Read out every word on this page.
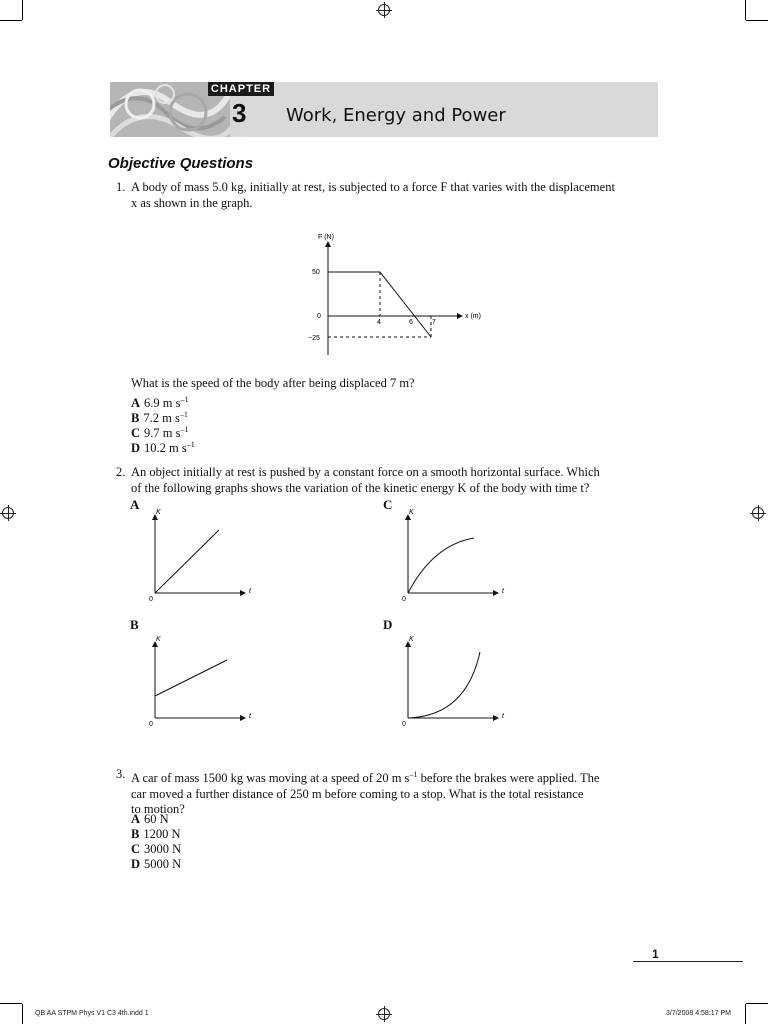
CHAPTER
3 Work, Energy and Power
Objective Questions
1. A body of mass 5.0 kg, initially at rest, is subjected to a force F that varies with the displacement
x as shown in the graph.
F (N)
x (m)
50
0
−25
4	6	7
What is the speed of the body after being displaced 7 m?
A 6.9 m $s^{-1}$
B 7.2 m $s^{-1}$
C 9.7 m $s^{-1}$
D 10.2 m $s^{-1}$
2. An object initially at rest is pushed by a constant force on a smooth horizontal surface. Which
of the following graphs shows the variation of the kinetic energy K of the body with time t?
A
K
t
0
C
K
t
0
B
K
t
0
D
K
t
0
3. A car of mass 1500 kg was moving at a speed of 20 m $s^{-1}$ before the brakes were applied. The
car moved a further distance of 250 m before coming to a stop. What is the total resistance
to motion?
A 60 N
B 1200 N
C 3000 N
D 5000 N
1
QB AA STPM Phys V1 C3 4th.indd 1	3/7/2008 4:58:17 PM
